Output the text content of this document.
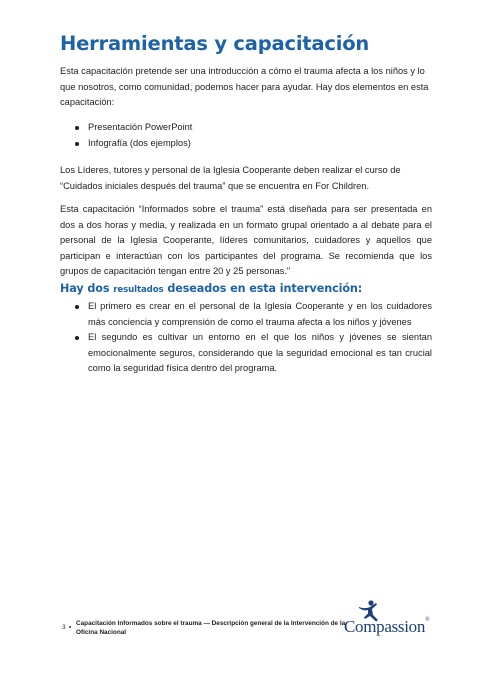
Herramientas y capacitación

Esta capacitación pretende ser una introducción a cómo el trauma afecta a los niños y lo que nosotros, como comunidad, podemos hacer para ayudar. Hay dos elementos en esta capacitación:

Presentación PowerPoint
Infografía (dos ejemplos)

Los Líderes, tutores y personal de la Iglesia Cooperante deben realizar el curso de “Cuidados iniciales después del trauma” que se encuentra en For Children.

Esta capacitación “Informados sobre el trauma” está diseñada para ser presentada en dos a dos horas y media, y realizada en un formato grupal orientado a al debate para el personal de la Iglesia Cooperante, líderes comunitarios, cuidadores y aquellos que participan e interactúan con los participantes del programa. Se recomienda que los grupos de capacitación tengan entre 20 y 25 personas."

Hay dos resultados deseados en esta intervención:
El primero es crear en el personal de la Iglesia Cooperante y en los cuidadores más conciencia y comprensión de como el trauma afecta a los niños y jóvenes
El segundo es cultivar un entorno en el que los niños y jóvenes se sientan emocionalmente seguros, considerando que la seguridad emocional es tan crucial como la seguridad física dentro del programa.
3
Capacitación Informados sobre el trauma — Descripción general de la Intervención de la Oficina Nacional	Compassion®
